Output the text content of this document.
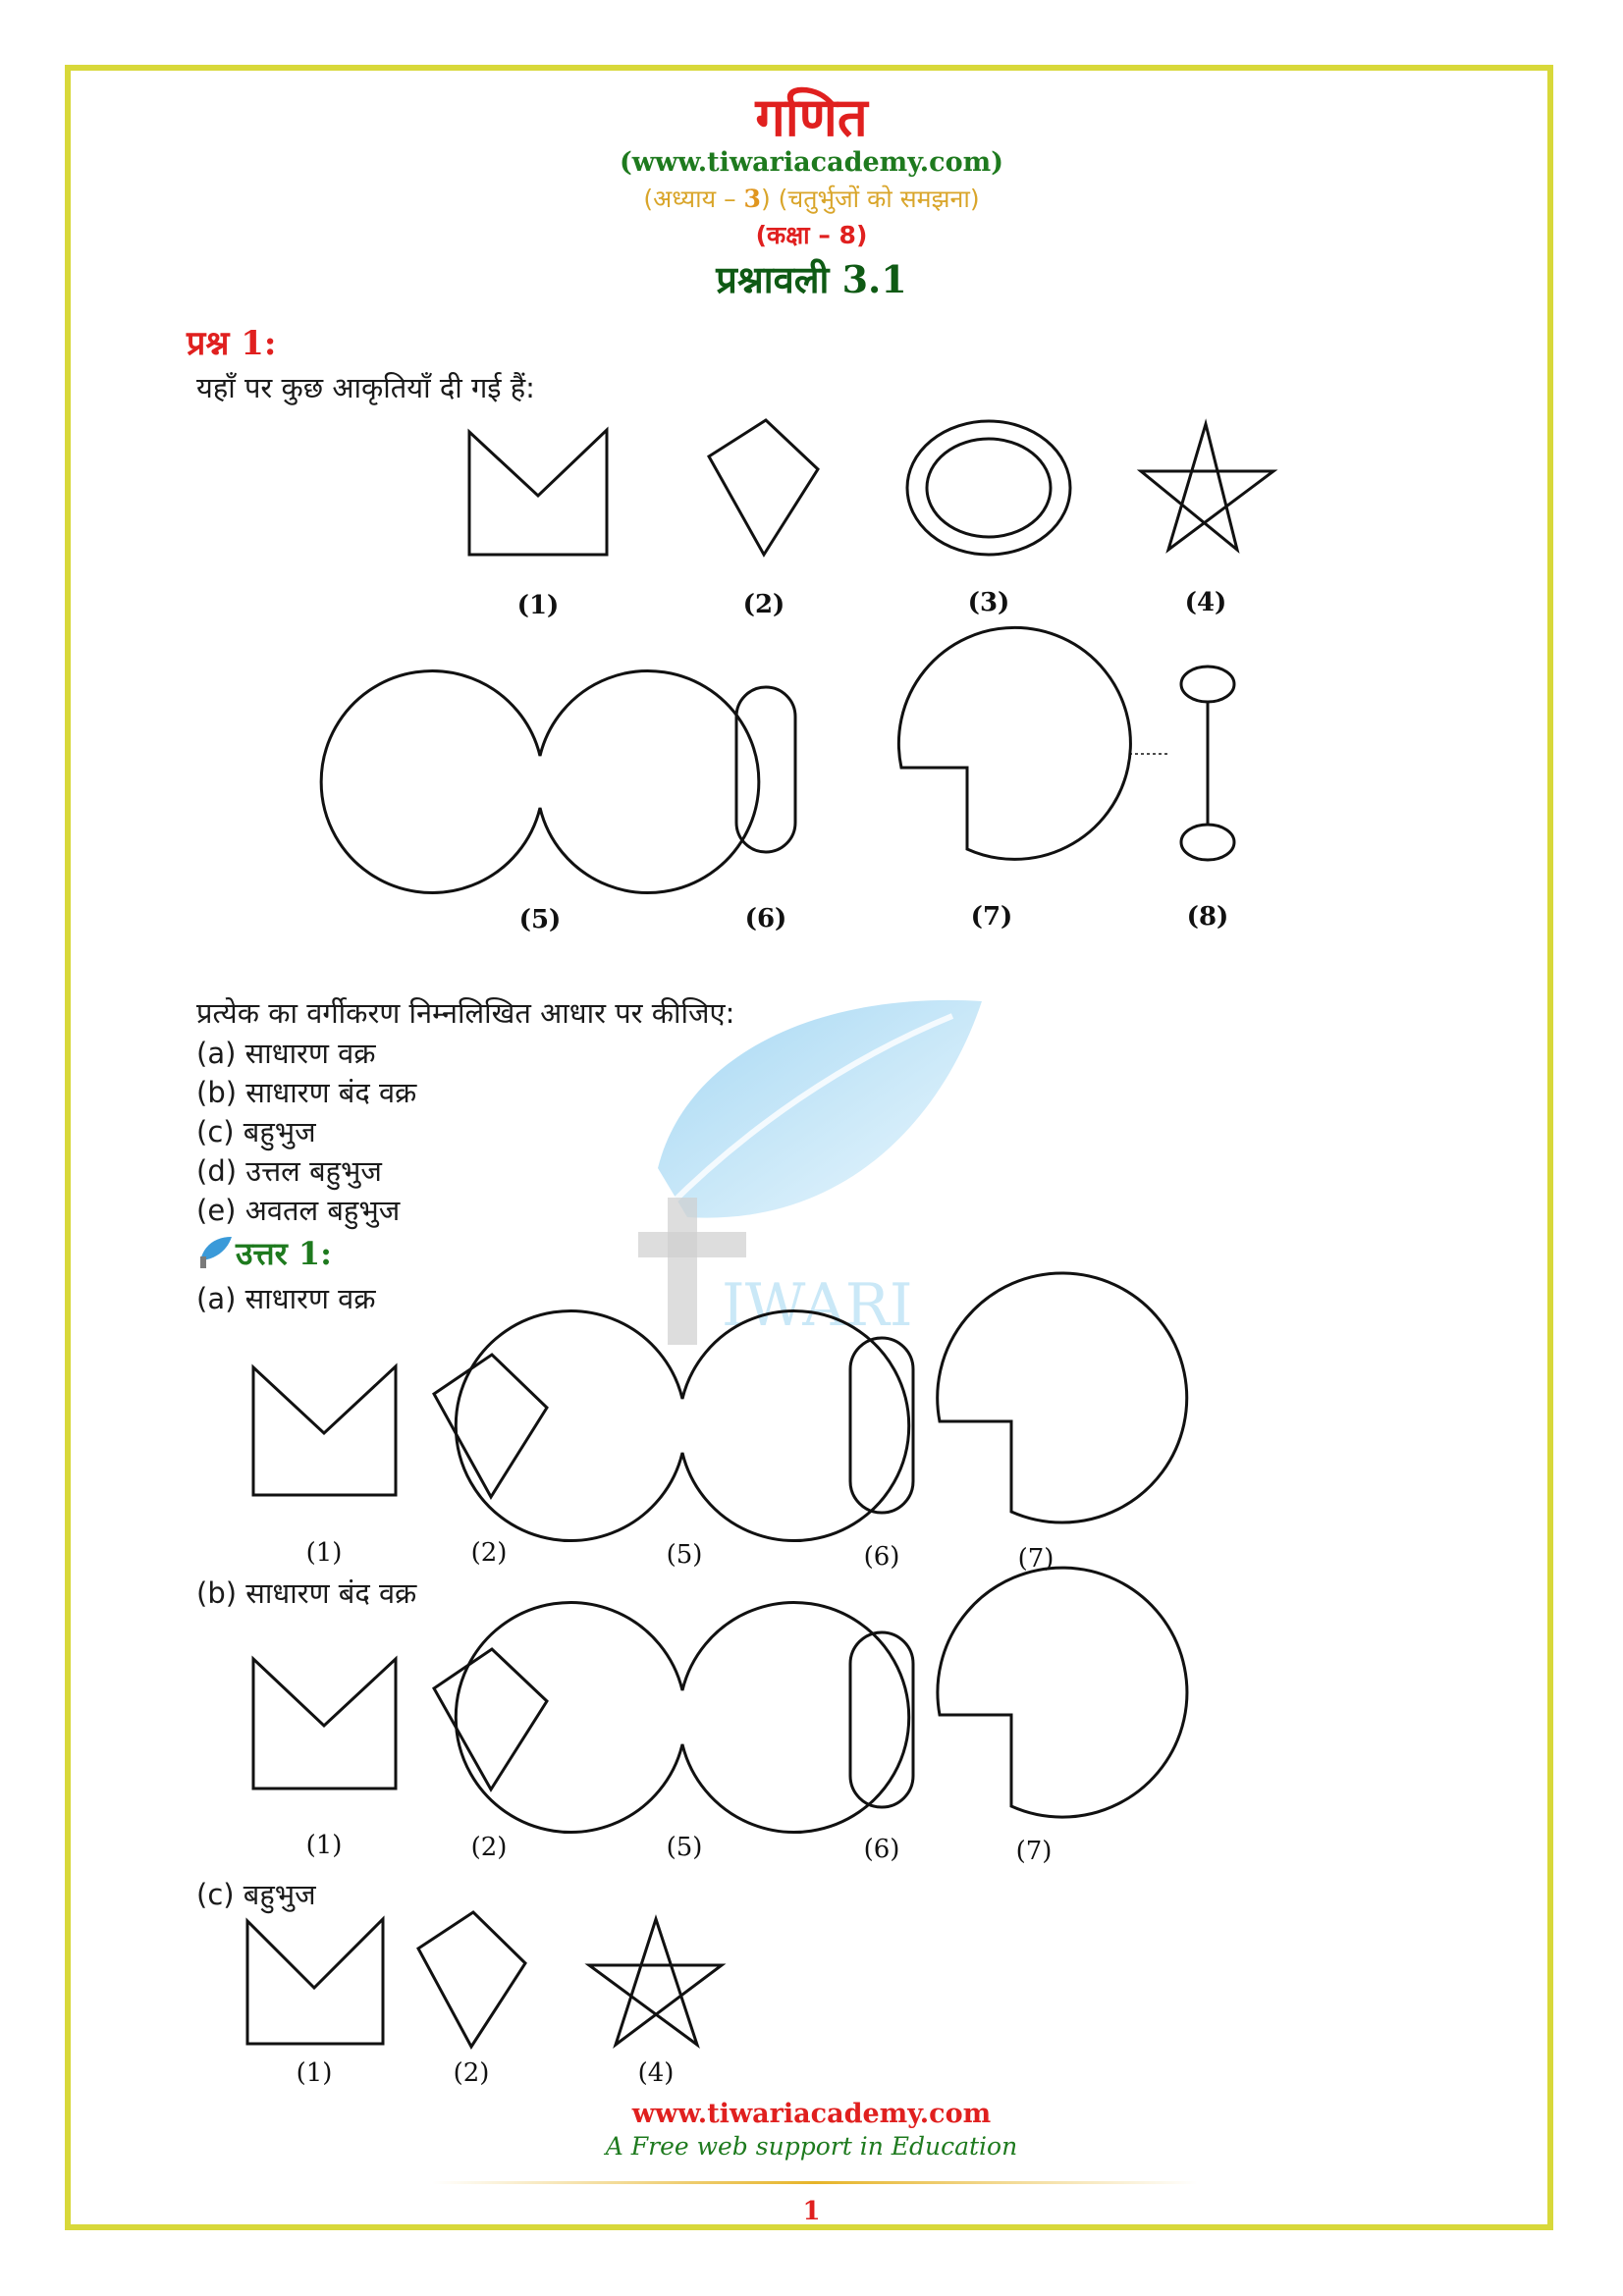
IWARI
गणित
(www.tiwariacademy.com)
(अध्याय – 3) (चतुर्भुजों को समझना)
(कक्षा – 8)
प्रश्नावली 3.1
प्रश्न 1:
यहाँ पर कुछ आकृतियाँ दी गई हैं:
(1)	(2)	(3)	(4)
(5)	(6)	(7)	(8)
प्रत्येक का वर्गीकरण निम्नलिखित आधार पर कीजिए:
(a) साधारण वक्र
(b) साधारण बंद वक्र
(c) बहुभुज
(d) उत्तल बहुभुज
(e) अवतल बहुभुज
उत्तर 1:
(a) साधारण वक्र
(1)	(2)	(5)	(6)	(7)
(1)	(2)	(5)	(6)	(7)
(1)	(2)	(4)
(b) साधारण बंद वक्र
(c) बहुभुज
www.tiwariacademy.com
A Free web support in Education
1
